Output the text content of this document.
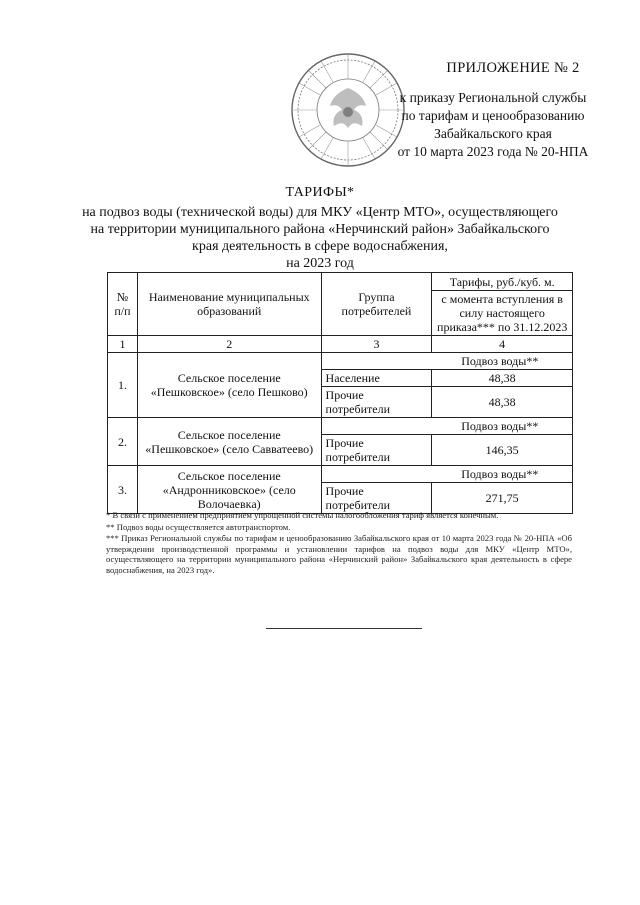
ПРИЛОЖЕНИЕ № 2
к приказу Региональной службы
по тарифам и ценообразованию
Забайкальского края
от 10 марта 2023 года № 20-НПА
ТАРИФЫ*
на подвоз воды (технической воды) для МКУ «Центр МТО», осуществляющего
на территории муниципального района «Нерчинский район» Забайкальского
края деятельность в сфере водоснабжения,
на 2023 год
№ п/п	Наименование муниципальных образований	Группа потребителей	Тарифы, руб./куб. м.
			с момента вступления в силу настоящего приказа*** по 31.12.2023
1	2	3	4
1.	Сельское поселение «Пешковское» (село Пешково)	Подвоз воды**	
		Население	48,38
		Прочие потребители	48,38
2.	Сельское поселение «Пешковское» (село Савватеево)	Подвоз воды**	
		Прочие потребители	146,35
3.	Сельское поселение «Андронниковское» (село Волочаевка)	Подвоз воды**	
		Прочие потребители	271,75
* В связи с применением предприятием упрощенной системы налогообложения тариф является конечным.
** Подвоз воды осуществляется автотранспортом.
*** Приказ Региональной службы по тарифам и ценообразованию Забайкальского края от 10 марта 2023 года № 20-НПА «Об утверждении производственной программы и установлении тарифов на подвоз воды для МКУ «Центр МТО», осуществляющего на территории муниципального района «Нерчинский район» Забайкальского края деятельность в сфере водоснабжения, на 2023 год».
